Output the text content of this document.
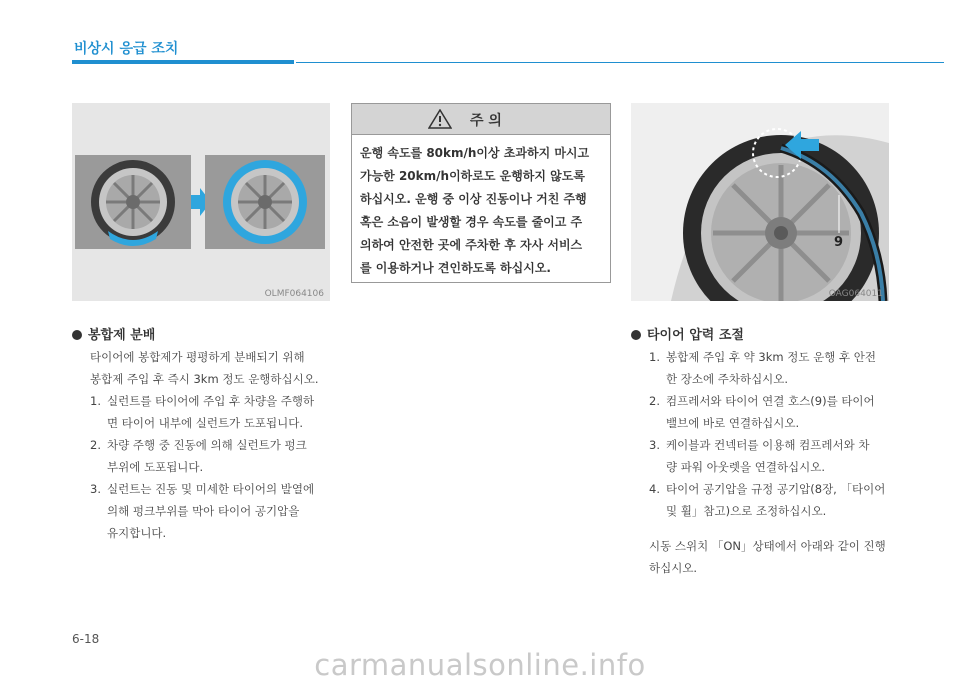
비상시 응급 조치
OLMF064106
주 의
운행 속도를 80km/h이상 초과하지 마시고
가능한 20km/h이하로도 운행하지 않도록
하십시오. 운행 중 이상 진동이나 거친 주행
혹은 소음이 발생할 경우 속도를 줄이고 주
의하여 안전한 곳에 주차한 후 자사 서비스
를 이용하거나 견인하도록 하십시오.
9
OAG064011
봉합제 분배
타이어에 봉합제가 평평하게 분배되기 위해
봉합제 주입 후 즉시 3km 정도 운행하십시오.
1. 실런트를 타이어에 주입 후 차량을 주행하
면 타이어 내부에 실런트가 도포됩니다.
2. 차량 주행 중 진동에 의해 실런트가 펑크
부위에 도포됩니다.
3. 실런트는 진동 및 미세한 타이어의 발열에
의해 펑크부위를 막아 타이어 공기압을
유지합니다.
타이어 압력 조절
1. 봉합제 주입 후 약 3km 정도 운행 후 안전
한 장소에 주차하십시오.
2. 컴프레서와 타이어 연결 호스(9)를 타이어
밸브에 바로 연결하십시오.
3. 케이블과 컨넥터를 이용해 컴프레서와 차
량 파워 아웃렛을 연결하십시오.
4. 타이어 공기압을 규정 공기압(8장, 「타이어
및 휠」참고)으로 조정하십시오.
시동 스위치 「ON」상태에서 아래와 같이 진행
하십시오.
6-18
carmanualsonline.info
